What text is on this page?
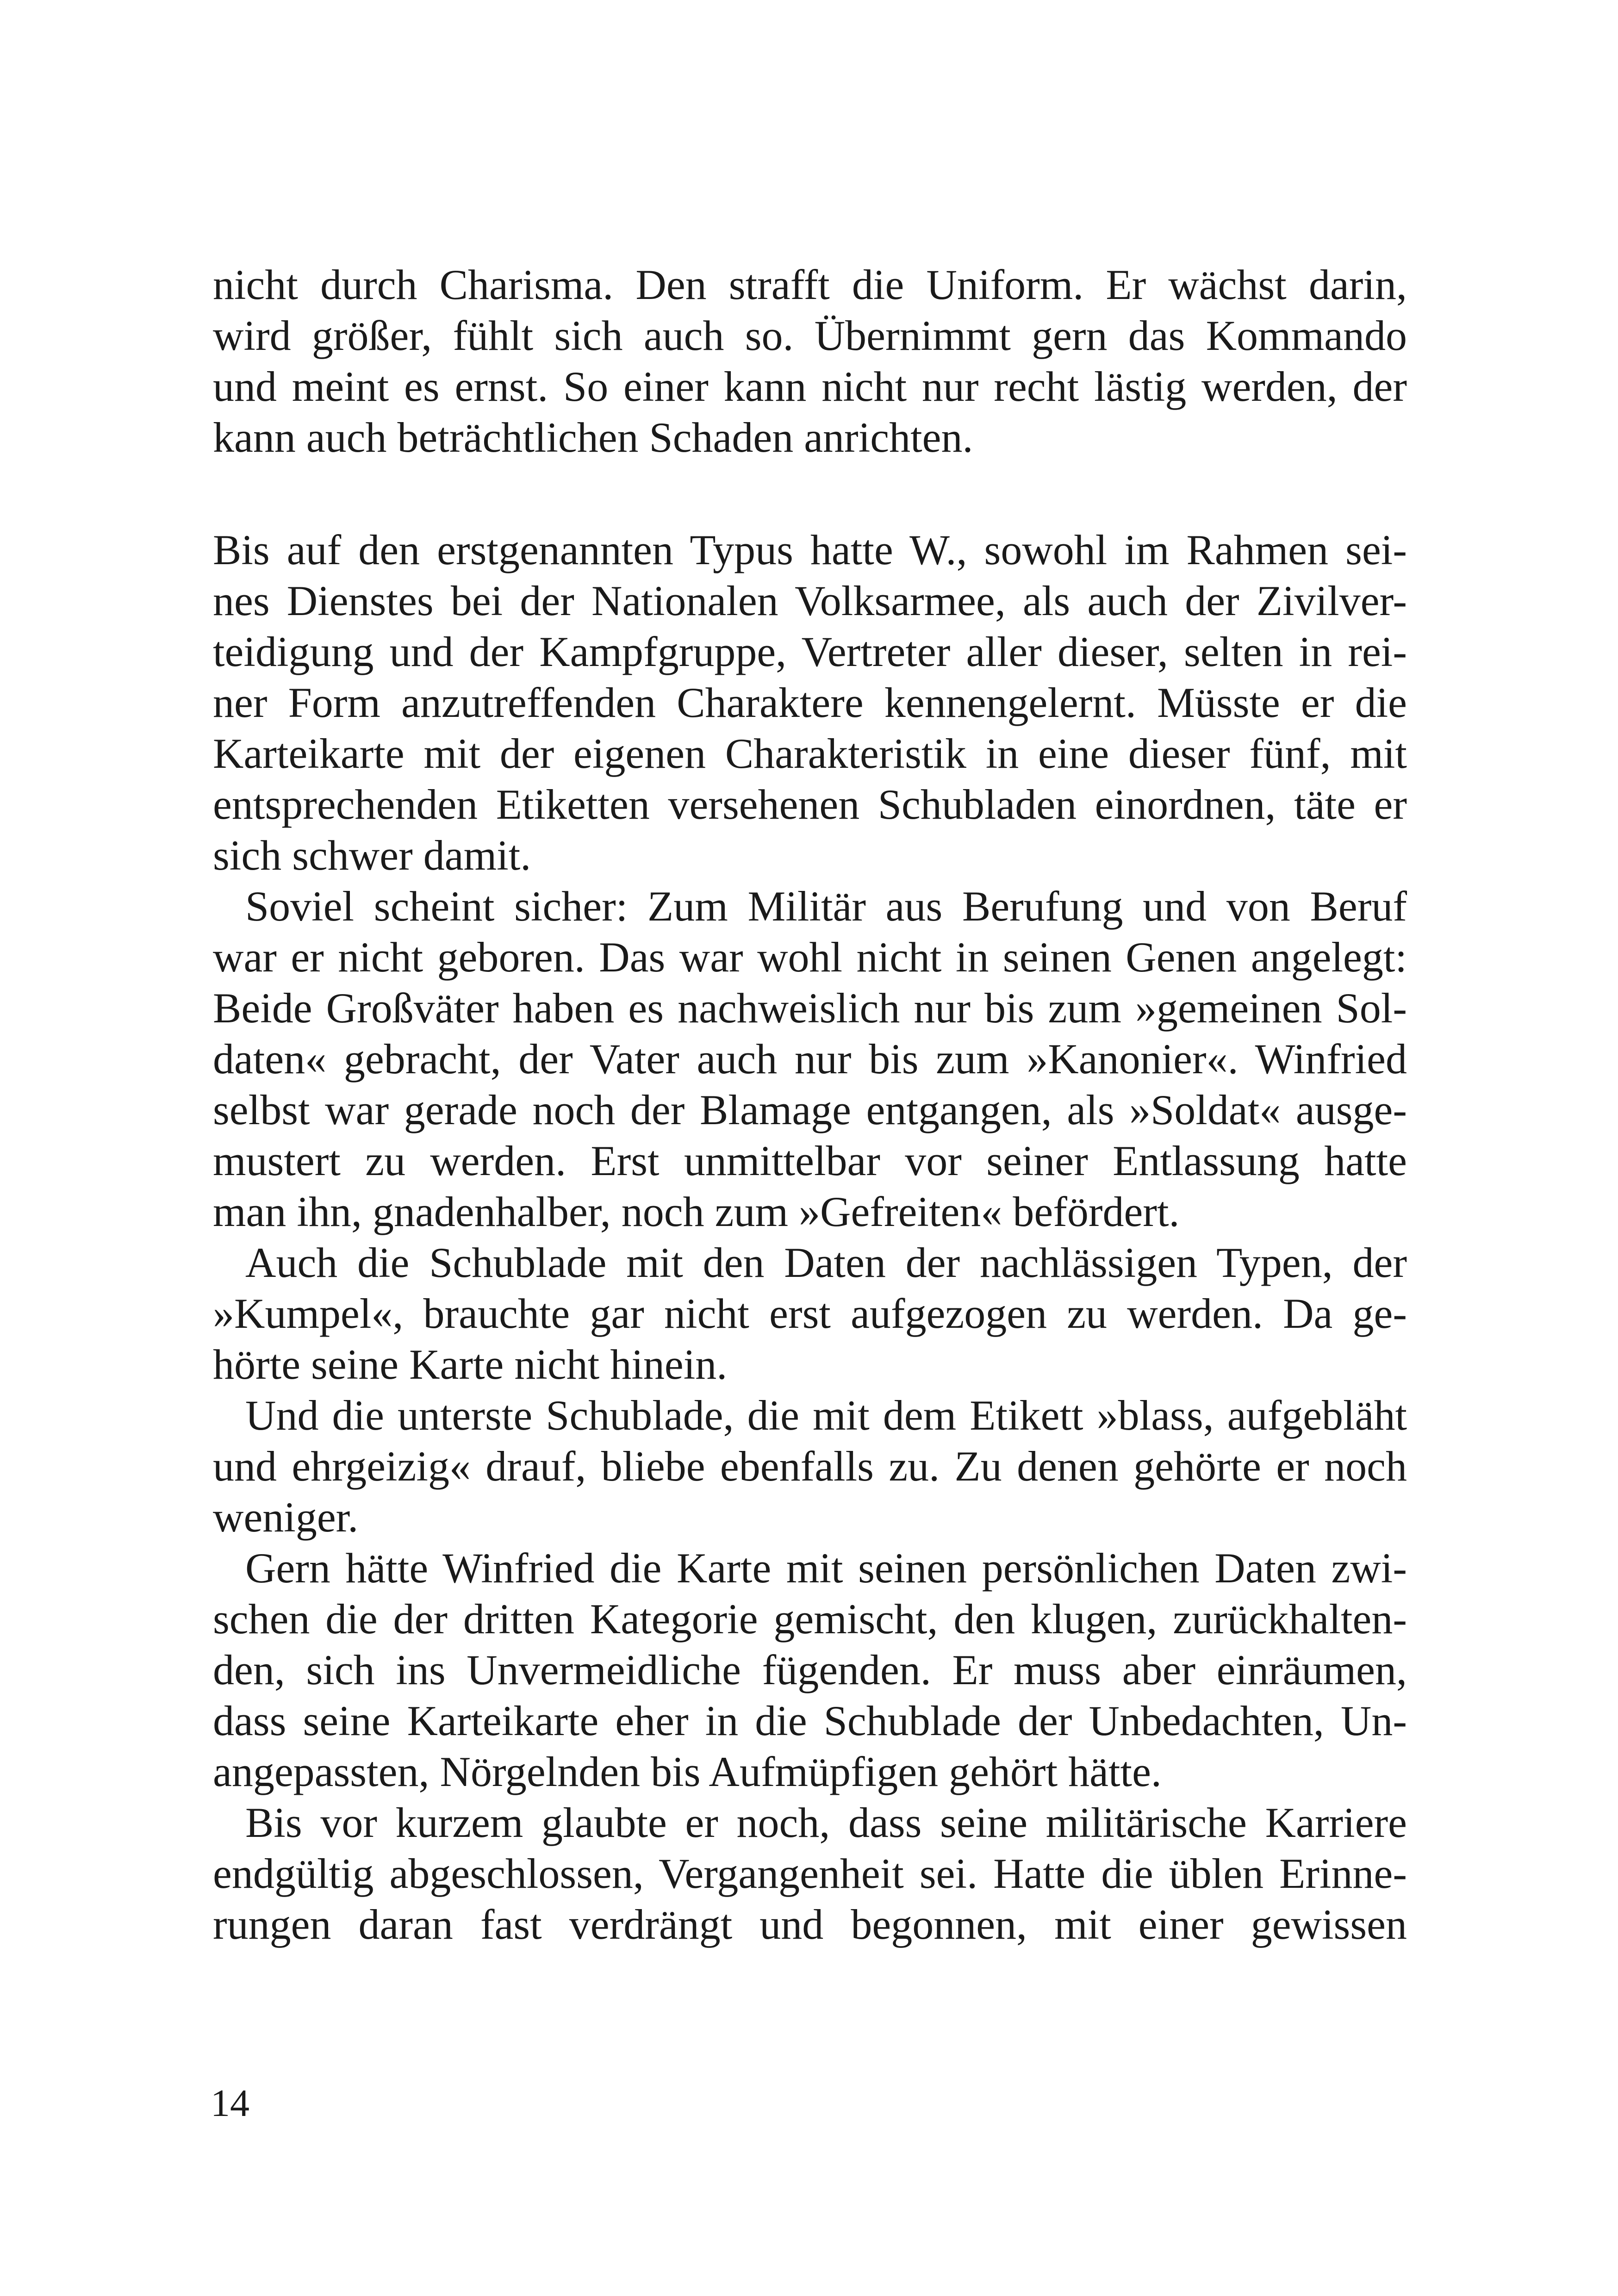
nicht durch Charisma. Den strafft die Uniform. Er wächst darin,
wird größer, fühlt sich auch so. Übernimmt gern das Kommando
und meint es ernst. So einer kann nicht nur recht lästig werden, der
kann auch beträchtlichen Schaden anrichten.
Bis auf den erstgenannten Typus hatte W., sowohl im Rahmen sei-
nes Dienstes bei der Nationalen Volksarmee, als auch der Zivilver-
teidigung und der Kampfgruppe, Vertreter aller dieser, selten in rei-
ner Form anzutreffenden Charaktere kennengelernt. Müsste er die
Karteikarte mit der eigenen Charakteristik in eine dieser fünf, mit
entsprechenden Etiketten versehenen Schubladen einordnen, täte er
sich schwer damit.
Soviel scheint sicher: Zum Militär aus Berufung und von Beruf
war er nicht geboren. Das war wohl nicht in seinen Genen angelegt:
Beide Großväter haben es nachweislich nur bis zum »gemeinen Sol-
daten« gebracht, der Vater auch nur bis zum »Kanonier«. Winfried
selbst war gerade noch der Blamage entgangen, als »Soldat« ausge-
mustert zu werden. Erst unmittelbar vor seiner Entlassung hatte
man ihn, gnadenhalber, noch zum »Gefreiten« befördert.
Auch die Schublade mit den Daten der nachlässigen Typen, der
»Kumpel«, brauchte gar nicht erst aufgezogen zu werden. Da ge-
hörte seine Karte nicht hinein.
Und die unterste Schublade, die mit dem Etikett »blass, aufgebläht
und ehrgeizig« drauf, bliebe ebenfalls zu. Zu denen gehörte er noch
weniger.
Gern hätte Winfried die Karte mit seinen persönlichen Daten zwi-
schen die der dritten Kategorie gemischt, den klugen, zurückhalten-
den, sich ins Unvermeidliche fügenden. Er muss aber einräumen,
dass seine Karteikarte eher in die Schublade der Unbedachten, Un-
angepassten, Nörgelnden bis Aufmüpfigen gehört hätte.
Bis vor kurzem glaubte er noch, dass seine militärische Karriere
endgültig abgeschlossen, Vergangenheit sei. Hatte die üblen Erinne-
rungen daran fast verdrängt und begonnen, mit einer gewissen
14
